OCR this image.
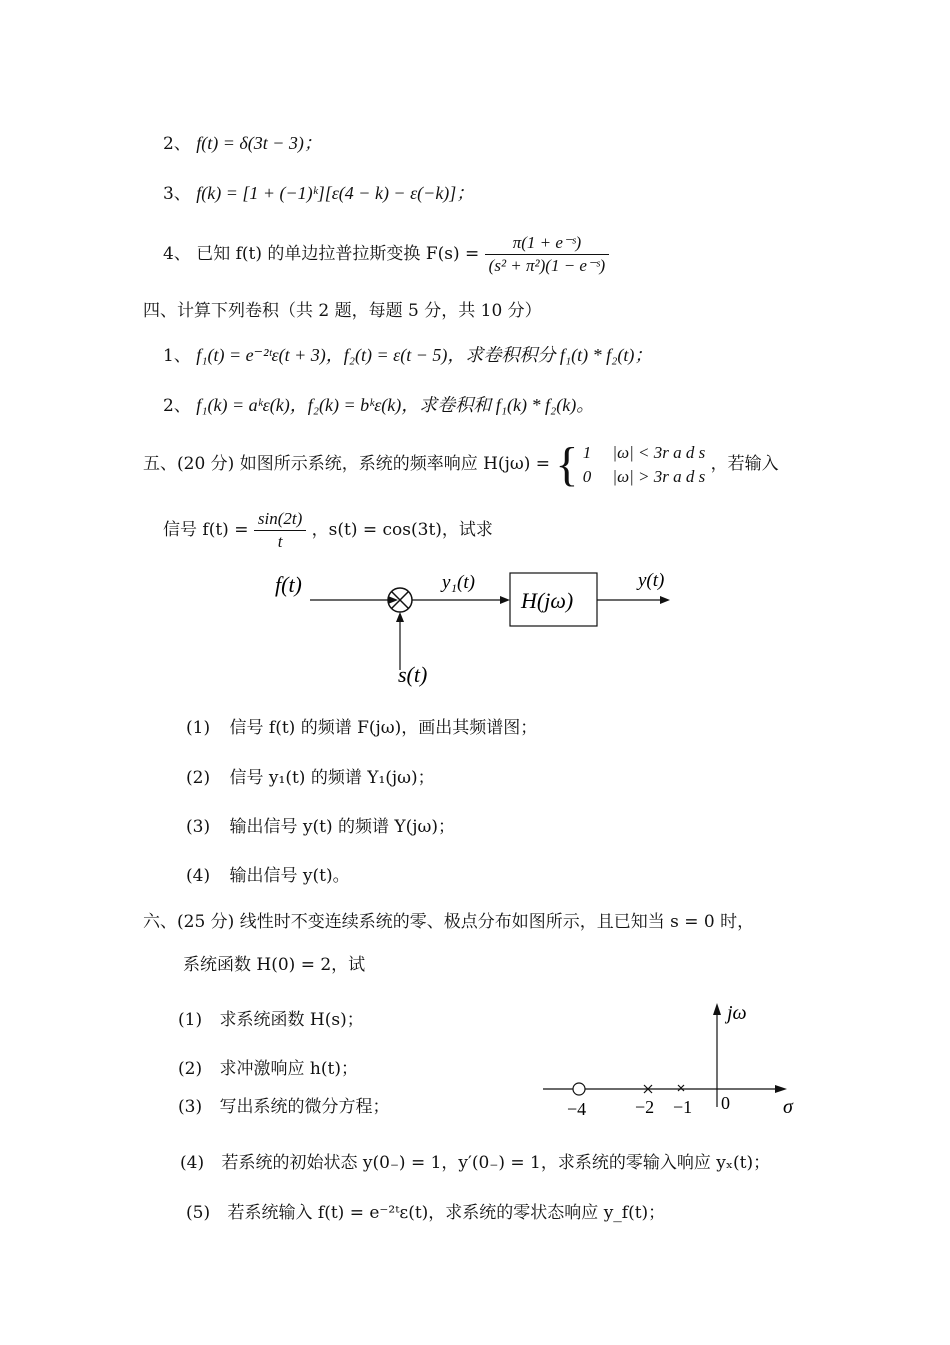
2、 f(t) = δ(3t − 3)；
3、 f(k) = [1 + (−1)ᵏ][ε(4 − k) − ε(−k)]；
4、 已知 f(t) 的单边拉普拉斯变换 $F(s) = \frac{\text{π(1 + e⁻ˢ)}}{\text{(s² + π²)(1 − e⁻ˢ)}}$
四、计算下列卷积（共 2 题，每题 5 分，共 10 分）
1、 f₁(t) = e⁻²ᵗε(t + 3)，f₂(t) = ε(t − 5)，求卷积积分 f₁(t) * f₂(t)；
2、 f₁(k) = aᵏε(k)，f₂(k) = bᵏε(k)，求卷积和 f₁(k) * f₂(k)。
五、(20 分) 如图所示系统，系统的频率响应 H(jω) = { 1　 |ω| < 3r a d s
0　 |ω| > 3r a d s
，若输入
信号 $f(t) = \frac{\sin(2t)}{t}$ ，s(t) = cos(3t)，试求
f(t)
s(t)
y₁(t)
H(jω)
y(t)
(1) 信号 f(t) 的频谱 F(jω)，画出其频谱图；
(2) 信号 y₁(t) 的频谱 Y₁(jω)；
(3) 输出信号 y(t) 的频谱 Y(jω)；
(4) 输出信号 y(t)。
六、(25 分) 线性时不变连续系统的零、极点分布如图所示，且已知当 s = 0 时，
系统函数 H(0) = 2，试
(1) 求系统函数 H(s)；
(2) 求冲激响应 h(t)；
(3) 写出系统的微分方程；
(4) 若系统的初始状态 y(0₋) = 1，y′(0₋) = 1，求系统的零输入响应 yₓ(t)；
(5) 若系统输入 f(t) = e⁻²ᵗε(t)，求系统的零状态响应 y_f(t)；
jω
σ
−4	−2 −1 0
